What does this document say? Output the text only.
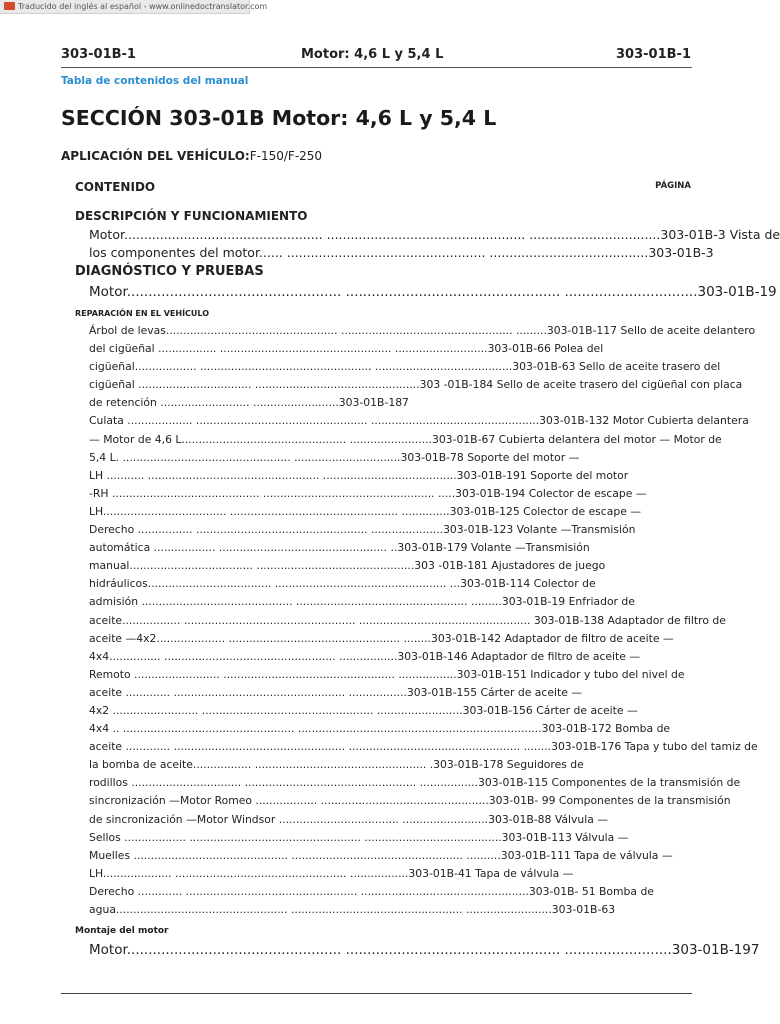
Traducido del inglés al español - www.onlinedoctranslator.com
303-01B-1	Motor: 4,6 L y 5,4 L	303-01B-1
Tabla de contenidos del manual
SECCIÓN 303-01B Motor: 4,6 L y 5,4 L
APLICACIÓN DEL VEHÍCULO:F-150/F-250
CONTENIDO	PÁGINA
DESCRIPCIÓN Y FUNCIONAMIENTO
Motor.................................................. .................................................. .................................303-01B-3 Vista de
los componentes del motor...... .................................................. ........................................303-01B-3
DIAGNÓSTICO Y PRUEBAS
Motor.................................................. .................................................. ...............................303-01B-19
REPARACIÓN EN EL VEHÍCULO
Árbol de levas.................................................. .................................................. .........303-01B-117 Sello de aceite delantero
del cigüeñal ................. .................................................. ...........................303-01B-66 Polea del
cigüeñal.................. .................................................. ........................................303-01B-63 Sello de aceite trasero del
cigüeñal ................................. ................................................303 -01B-184 Sello de aceite trasero del cigüeñal con placa
de retención .......................... .........................303-01B-187
Culata ................... .................................................. .................................................303-01B-132 Motor Cubierta delantera
— Motor de 4,6 L................................................ ........................303-01B-67 Cubierta delantera del motor — Motor de
5,4 L. ................................................. ...............................303-01B-78 Soporte del motor —
LH ........... .................................................. .......................................303-01B-191 Soporte del motor
-RH ........................................... .................................................. .....303-01B-194 Colector de escape —
LH.................................... ................................................. ..............303-01B-125 Colector de escape —
Derecho ................ .................................................. .....................303-01B-123 Volante —Transmisión
automática .................. ................................................. ..303-01B-179 Volante —Transmisión
manual.................................... ..............................................303 -01B-181 Ajustadores de juego
hidráulicos.................................... .................................................. ...303-01B-114 Colector de
admisión ............................................ .................................................. .........303-01B-19 Enfriador de
aceite................. .................................................. .................................................. 303-01B-138 Adaptador de filtro de
aceite —4x2.................... .................................................. ........303-01B-142 Adaptador de filtro de aceite —
4x4............... .................................................. .................303-01B-146 Adaptador de filtro de aceite —
Remoto ......................... .................................................. .................303-01B-151 Indicador y tubo del nivel de
aceite ............. .................................................. .................303-01B-155 Cárter de aceite —
4x2 ......................... .................................................. .........................303-01B-156 Cárter de aceite —
4x4 .. .................................................. .......................................................................303-01B-172 Bomba de
aceite ............. .................................................. .................................................. ........303-01B-176 Tapa y tubo del tamiz de
la bomba de aceite................. .................................................. .303-01B-178 Seguidores de
rodillos ................................ .................................................. .................303-01B-115 Componentes de la transmisión de
sincronización —Motor Romeo .................. .................................................303-01B- 99 Componentes de la transmisión
de sincronización —Motor Windsor ................................... .........................303-01B-88 Válvula —
Sellos .................. .................................................. ........................................303-01B-113 Válvula —
Muelles ............................................. .................................................. ..........303-01B-111 Tapa de válvula —
LH.................... .................................................. .................303-01B-41 Tapa de válvula —
Derecho ............. .................................................. .................................................303-01B- 51 Bomba de
agua.................................................. .................................................. .........................303-01B-63
Montaje del motor
Motor.................................................. .................................................. .........................303-01B-197
